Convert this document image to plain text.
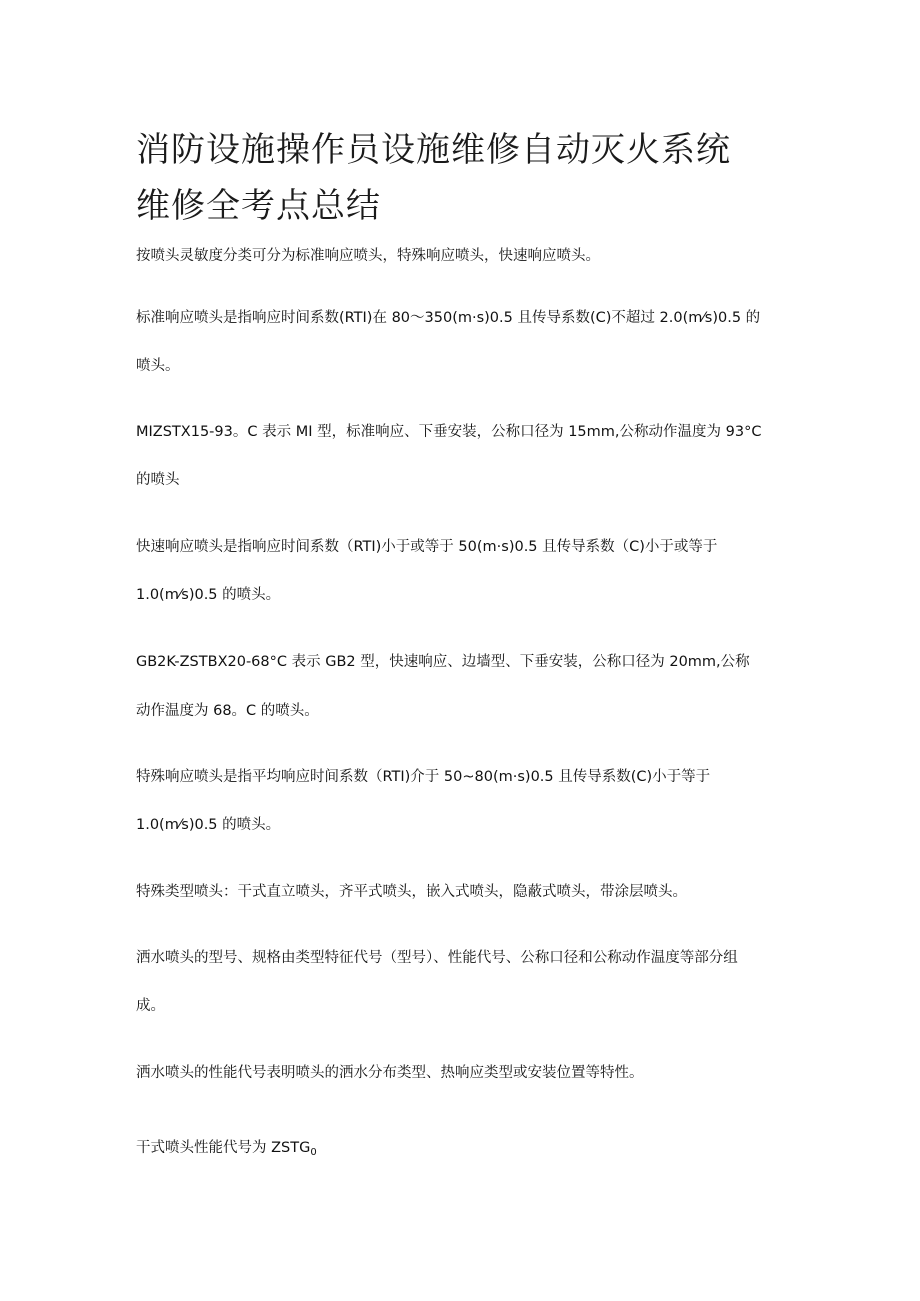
消防设施操作员设施维修自动灭火系统
维修全考点总结
按喷头灵敏度分类可分为标准响应喷头，特殊响应喷头，快速响应喷头。
标准响应喷头是指响应时间系数(RTI)在 80～350(m·s)0.5 且传导系数(C)不超过 2.0(m⁄s)0.5 的
喷头。
MIZSTX15-93。C 表示 MI 型，标准响应、下垂安装，公称口径为 15mm,公称动作温度为 93°C
的喷头
快速响应喷头是指响应时间系数（RTI)小于或等于 50(m·s)0.5 且传导系数（C)小于或等于
1.0(m⁄s)0.5 的喷头。
GB2K-ZSTBX20-68°C 表示 GB2 型，快速响应、边墙型、下垂安装，公称口径为 20mm,公称
动作温度为 68。C 的喷头。
特殊响应喷头是指平均响应时间系数（RTI)介于 50~80(m·s)0.5 且传导系数(C)小于等于
1.0(m⁄s)0.5 的喷头。
特殊类型喷头：干式直立喷头，齐平式喷头，嵌入式喷头，隐蔽式喷头，带涂层喷头。
洒水喷头的型号、规格由类型特征代号（型号）、性能代号、公称口径和公称动作温度等部分组
成。
洒水喷头的性能代号表明喷头的洒水分布类型、热响应类型或安装位置等特性。
干式喷头性能代号为 $ZSTG_0$
